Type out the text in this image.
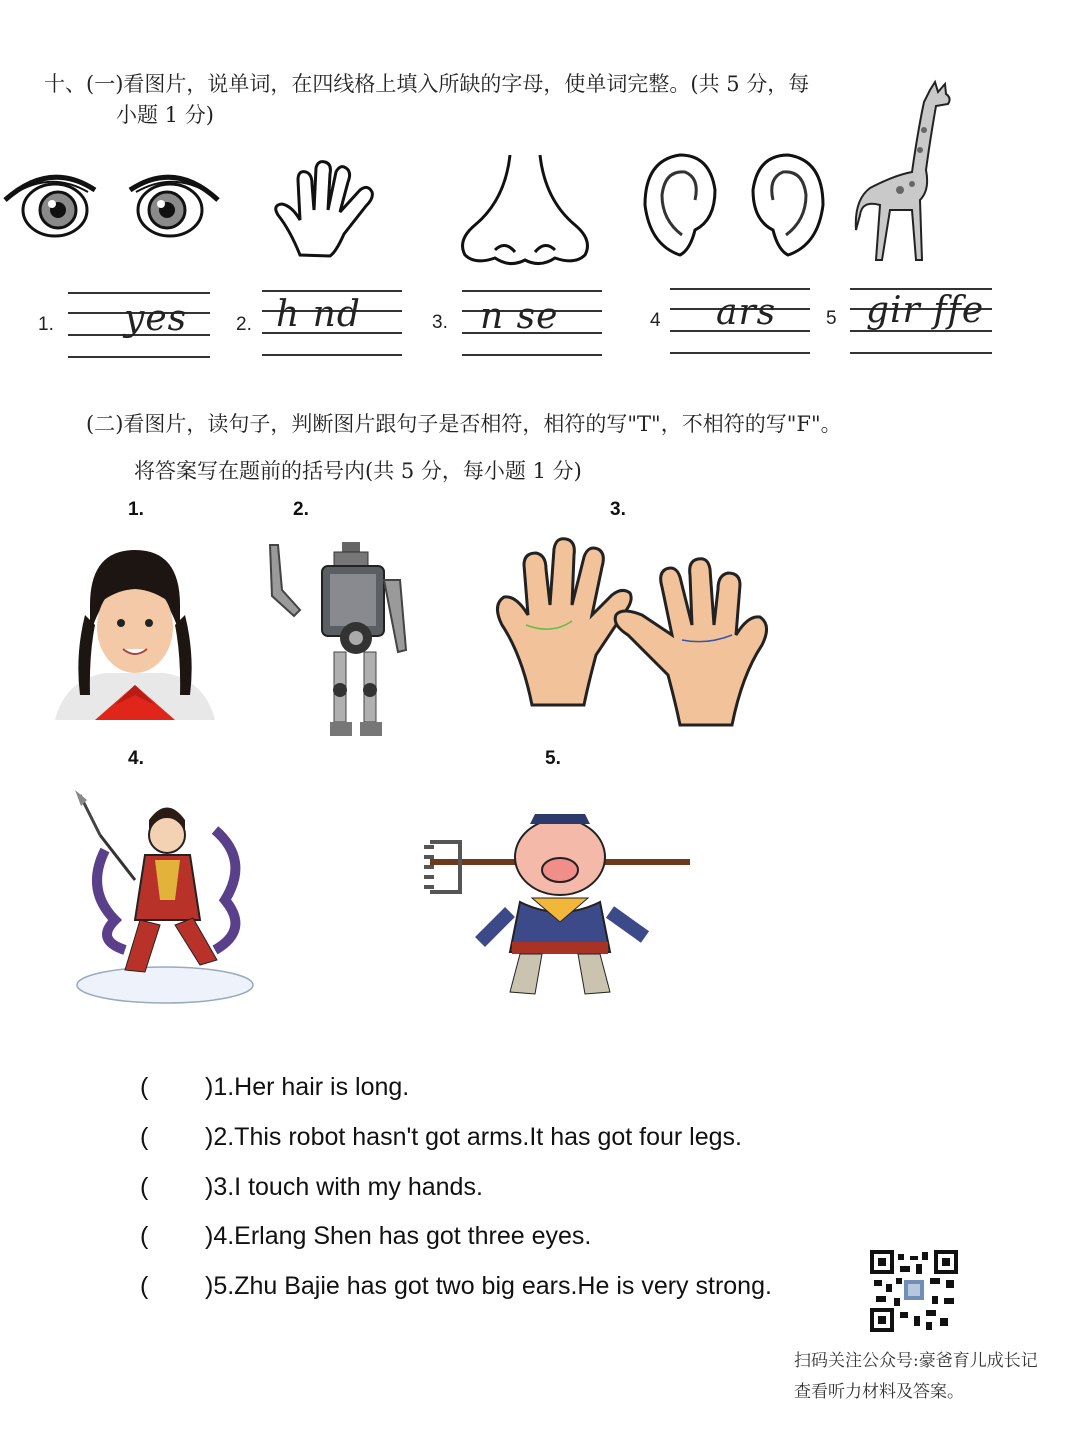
十、(一)看图片，说单词，在四线格上填入所缺的字母，使单词完整。(共 5 分，每
小题 1 分)
1. yes	2. h nd	3. n se	4 ars	5 gir ffe
(二)看图片，读句子，判断图片跟句子是否相符，相符的写"T"，不相符的写"F"。
将答案写在题前的括号内(共 5 分，每小题 1 分)
1.	2.	3.
4.	5.
( )1.Her hair is long.
( )2.This robot hasn't got arms.It has got four legs.
( )3.I touch with my hands.
( )4.Erlang Shen has got three eyes.
( )5.Zhu Bajie has got two big ears.He is very strong.
扫码关注公众号:豪爸育儿成长记
查看听力材料及答案。
